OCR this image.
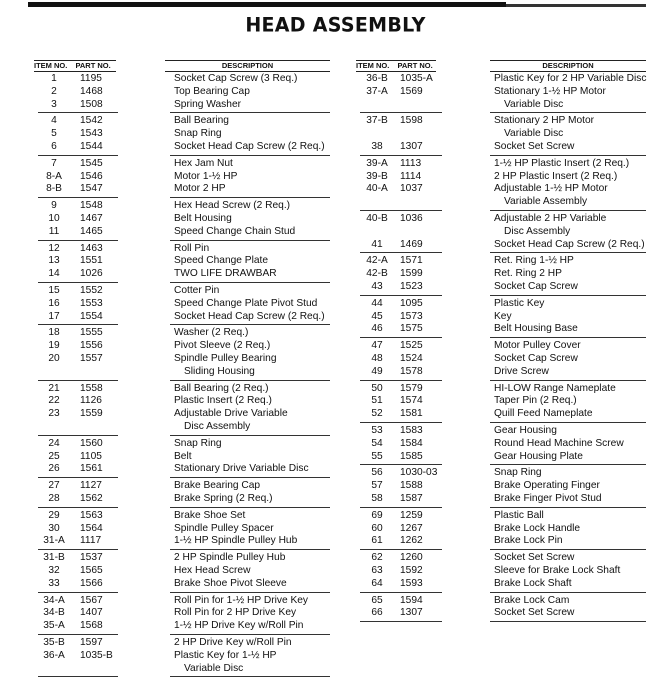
HEAD ASSEMBLY
ITEM NO. PART NO.	DESCRIPTION	ITEM NO. PART NO.	DESCRIPTION
1	1195	Socket Cap Screw (3 Req.)
2	1468	Top Bearing Cap
3	1508	Spring Washer
4	1542	Ball Bearing
5	1543	Snap Ring
6	1544	Socket Head Cap Screw (2 Req.)
7	1545	Hex Jam Nut
8-A	1546	Motor 1-½ HP
8-B	1547	Motor 2 HP
9	1548	Hex Head Screw (2 Req.)
10	1467	Belt Housing
11	1465	Speed Change Chain Stud
12	1463	Roll Pin
13	1551	Speed Change Plate
14	1026	TWO LIFE DRAWBAR
15	1552	Cotter Pin
16	1553	Speed Change Plate Pivot Stud
17	1554	Socket Head Cap Screw (2 Req.)
18	1555	Washer (2 Req.)
19	1556	Pivot Sleeve (2 Req.)
20	1557	Spindle Pulley Bearing
Sliding Housing
21	1558	Ball Bearing (2 Req.)
22	1126	Plastic Insert (2 Req.)
23	1559	Adjustable Drive Variable
Disc Assembly
24	1560	Snap Ring
25	1105	Belt
26	1561	Stationary Drive Variable Disc
27	1127	Brake Bearing Cap
28	1562	Brake Spring (2 Req.)
29	1563	Brake Shoe Set
30	1564	Spindle Pulley Spacer
31-A	1117	1-½ HP Spindle Pulley Hub
31-B	1537	2 HP Spindle Pulley Hub
32	1565	Hex Head Screw
33	1566	Brake Shoe Pivot Sleeve
34-A	1567	Roll Pin for 1-½ HP Drive Key
34-B	1407	Roll Pin for 2 HP Drive Key
35-A	1568	1-½ HP Drive Key w/Roll Pin
35-B	1597	2 HP Drive Key w/Roll Pin
36-A	1035-B	Plastic Key for 1-½ HP
Variable Disc
36-B	1035-A	Plastic Key for 2 HP Variable Disc
37-A	1569	Stationary 1-½ HP Motor
Variable Disc
37-B	1598	Stationary 2 HP Motor
Variable Disc
38	1307	Socket Set Screw
39-A	1113	1-½ HP Plastic Insert (2 Req.)
39-B	1114	2 HP Plastic Insert (2 Req.)
40-A	1037	Adjustable 1-½ HP Motor
Variable Assembly
40-B	1036	Adjustable 2 HP Variable
Disc Assembly
41	1469	Socket Head Cap Screw (2 Req.)
42-A	1571	Ret. Ring 1-½ HP
42-B	1599	Ret. Ring 2 HP
43	1523	Socket Cap Screw
44	1095	Plastic Key
45	1573	Key
46	1575	Belt Housing Base
47	1525	Motor Pulley Cover
48	1524	Socket Cap Screw
49	1578	Drive Screw
50	1579	HI-LOW Range Nameplate
51	1574	Taper Pin (2 Req.)
52	1581	Quill Feed Nameplate
53	1583	Gear Housing
54	1584	Round Head Machine Screw
55	1585	Gear Housing Plate
56	1030-03	Snap Ring
57	1588	Brake Operating Finger
58	1587	Brake Finger Pivot Stud
69	1259	Plastic Ball
60	1267	Brake Lock Handle
61	1262	Brake Lock Pin
62	1260	Socket Set Screw
63	1592	Sleeve for Brake Lock Shaft
64	1593	Brake Lock Shaft
65	1594	Brake Lock Cam
66	1307	Socket Set Screw
